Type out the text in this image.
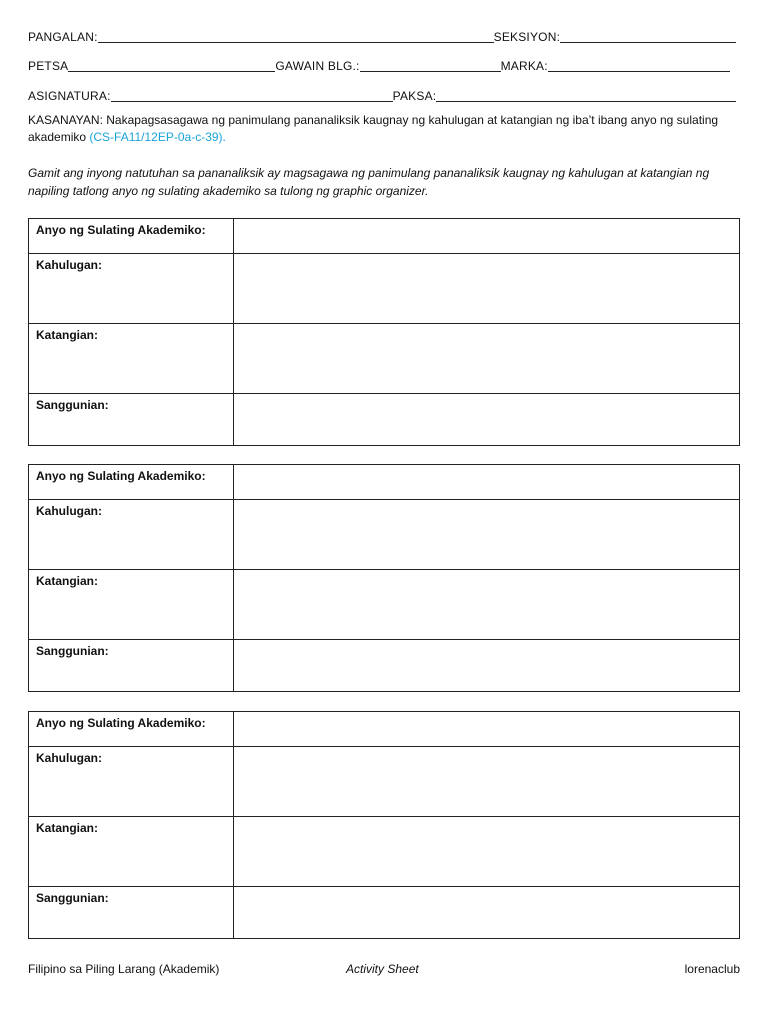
PANGALAN:	SEKSIYON:
PETSA	GAWAIN BLG.:	MARKA:
ASIGNATURA:	PAKSA:
KASANAYAN: Nakapagsasagawa ng panimulang pananaliksik kaugnay ng kahulugan at katangian ng iba’t ibang anyo ng sulating akademiko (CS-FA11/12EP-0a-c-39).
Gamit ang inyong natutuhan sa pananaliksik ay magsagawa ng panimulang pananaliksik kaugnay ng kahulugan at katangian ng napiling tatlong anyo ng sulating akademiko sa tulong ng graphic organizer.
Anyo ng Sulating Akademiko:	
Kahulugan:	
Katangian:	
Sanggunian:	
Anyo ng Sulating Akademiko:	
Kahulugan:	
Katangian:	
Sanggunian:	
Anyo ng Sulating Akademiko:	
Kahulugan:	
Katangian:	
Sanggunian:	
Filipino sa Piling Larang (Akademik)	Activity Sheet	lorenaclub
